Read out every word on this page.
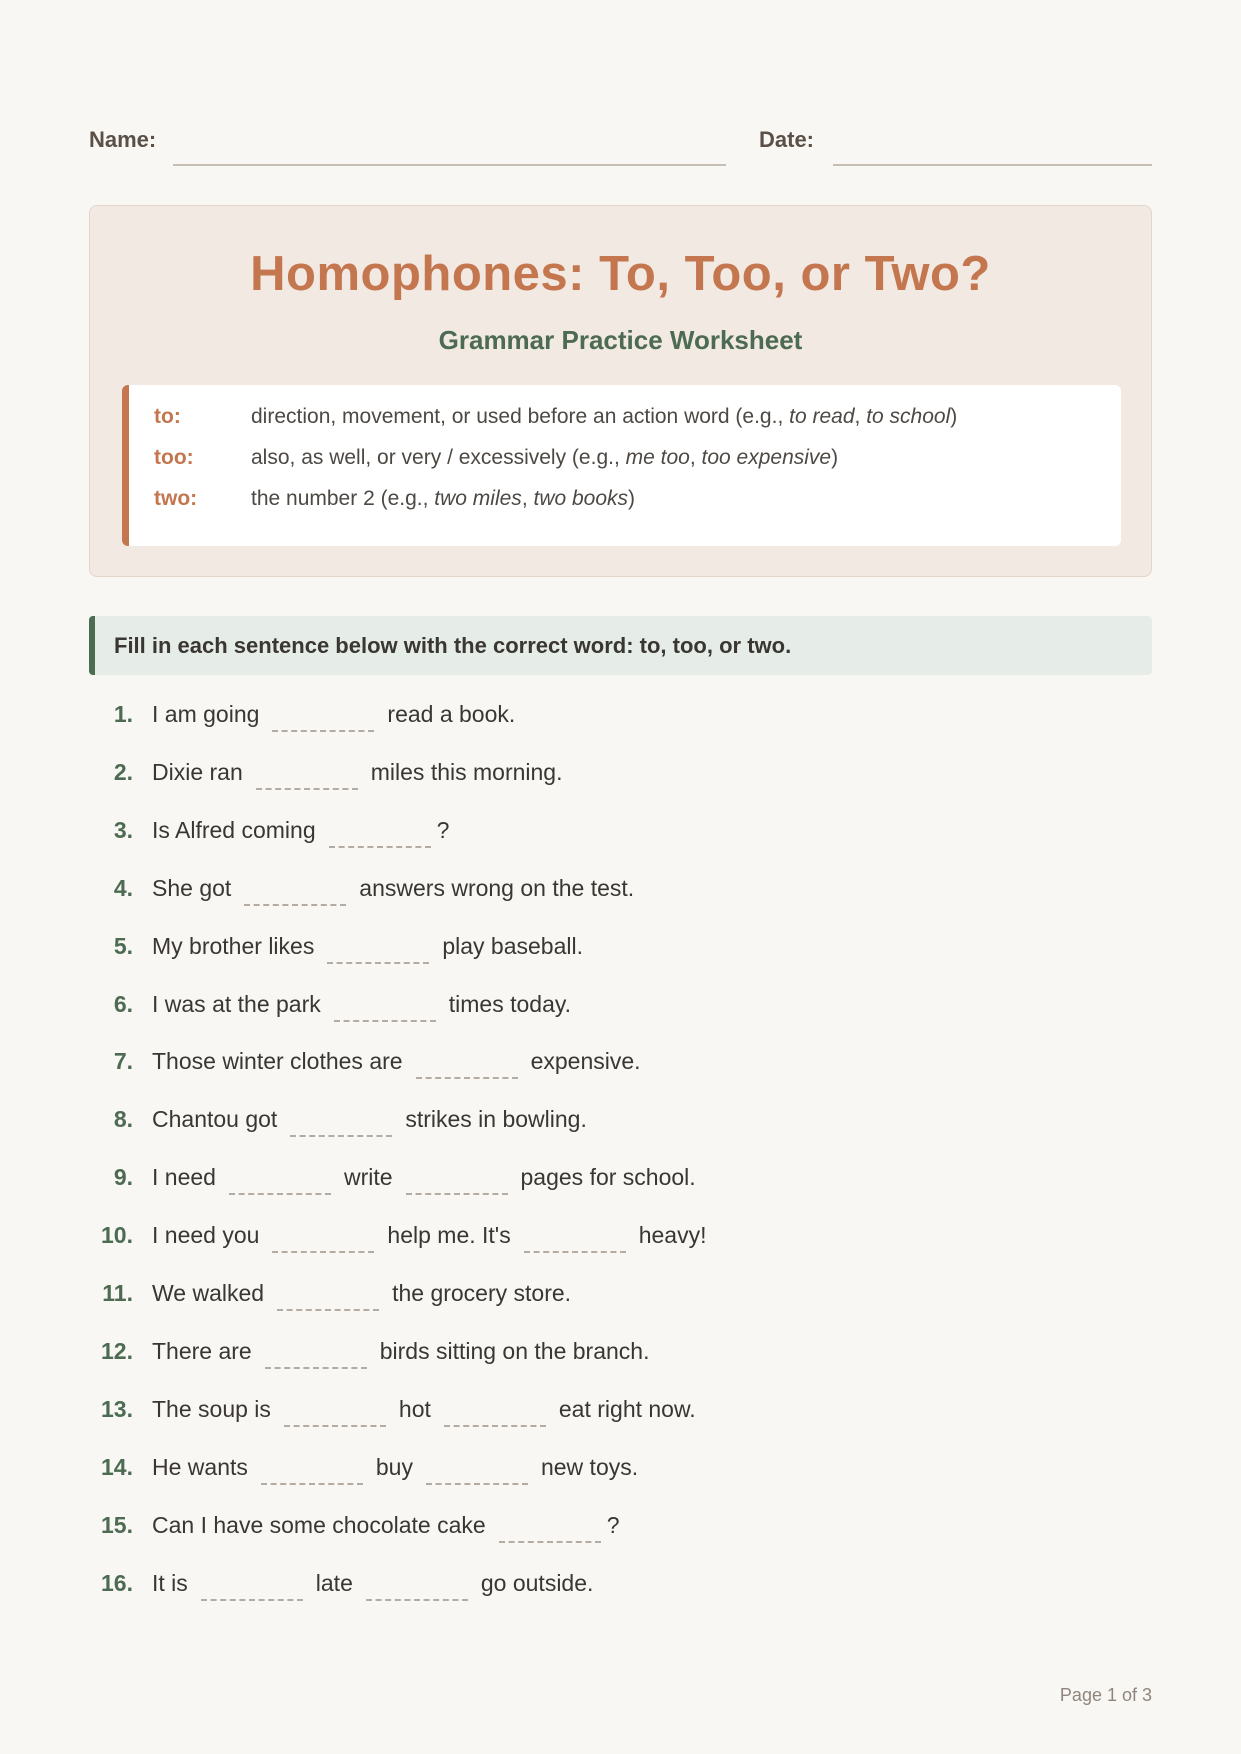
Name:	Date:
Homophones: To, Too, or Two?
Grammar Practice Worksheet
to:	direction, movement, or used before an action word (e.g., to read, to school)
too:	also, as well, or very / excessively (e.g., me too, too expensive)
two:	the number 2 (e.g., two miles, two books)
Fill in each sentence below with the correct word: to, too, or two.
1. I am going	read a book.
2. Dixie ran	miles this morning.
3. Is Alfred coming	?
4. She got	answers wrong on the test.
5. My brother likes	play baseball.
6. I was at the park	times today.
7. Those winter clothes are	expensive.
8. Chantou got	strikes in bowling.
9. I need	write	pages for school.
10. I need you	help me. It's	heavy!
11. We walked	the grocery store.
12. There are	birds sitting on the branch.
13. The soup is	hot	eat right now.
14. He wants	buy	new toys.
15. Can I have some chocolate cake	?
16. It is	late	go outside.
Page 1 of 3
